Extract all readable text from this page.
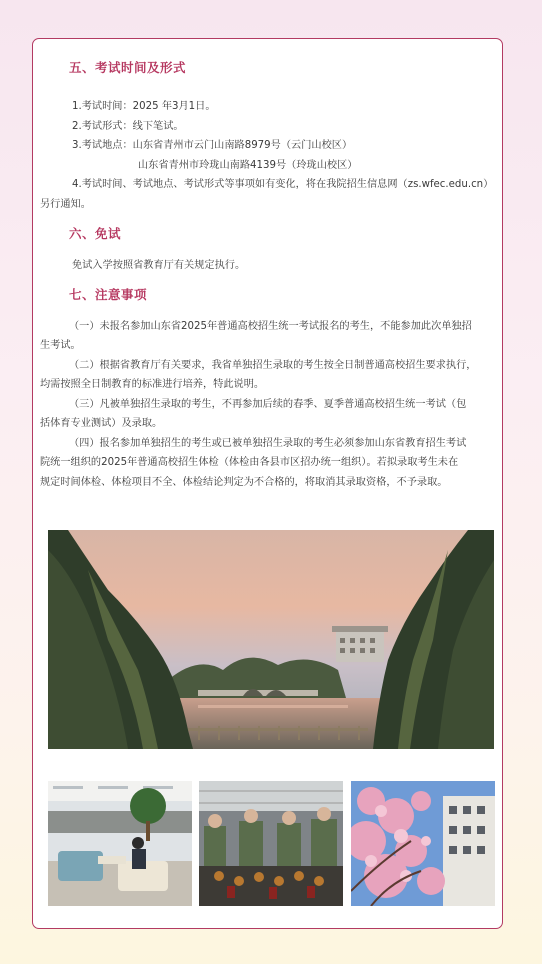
五、考试时间及形式

1.考试时间：2025 年3月1日。

2.考试形式：线下笔试。

3.考试地点：山东省青州市云门山南路8979号（云门山校区）

山东省青州市玲珑山南路4139号（玲珑山校区）

4.考试时间、考试地点、考试形式等事项如有变化，将在我院招生信息网（zs.wfec.edu.cn）

另行通知。

六、免试

免试入学按照省教育厅有关规定执行。

七、注意事项

（一）未报名参加山东省2025年普通高校招生统一考试报名的考生，不能参加此次单独招

生考试。

（二）根据省教育厅有关要求，我省单独招生录取的考生按全日制普通高校招生要求执行，

均需按照全日制教育的标准进行培养，特此说明。

（三）凡被单独招生录取的考生，不再参加后续的春季、夏季普通高校招生统一考试（包

括体育专业测试）及录取。

（四）报名参加单独招生的考生或已被单独招生录取的考生必须参加山东省教育招生考试

院统一组织的2025年普通高校招生体检（体检由各县市区招办统一组织）。若拟录取考生未在

规定时间体检、体检项目不全、体检结论判定为不合格的，将取消其录取资格，不予录取。
